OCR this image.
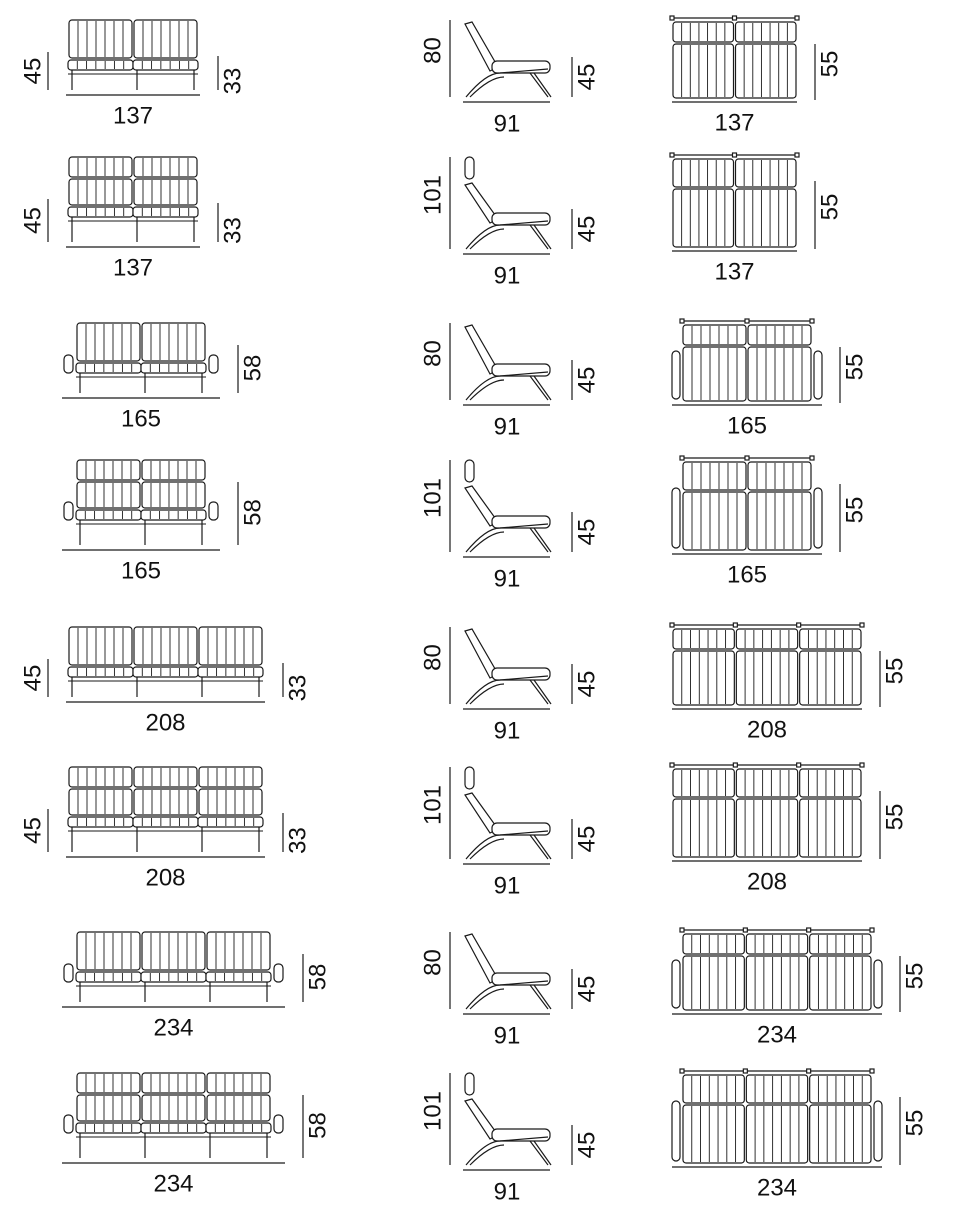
137
45	33
80
91
45
137
55
137
45	33
101
91
45
137
55
165
58
80
91
45
165
55
165
58	101
91
45
165
55
208
45	33
80
91
45
208
55
208
45	33
101
91
45
208
55
234
58
80
91
45
234
55
234
58	101
91
45
234
55
